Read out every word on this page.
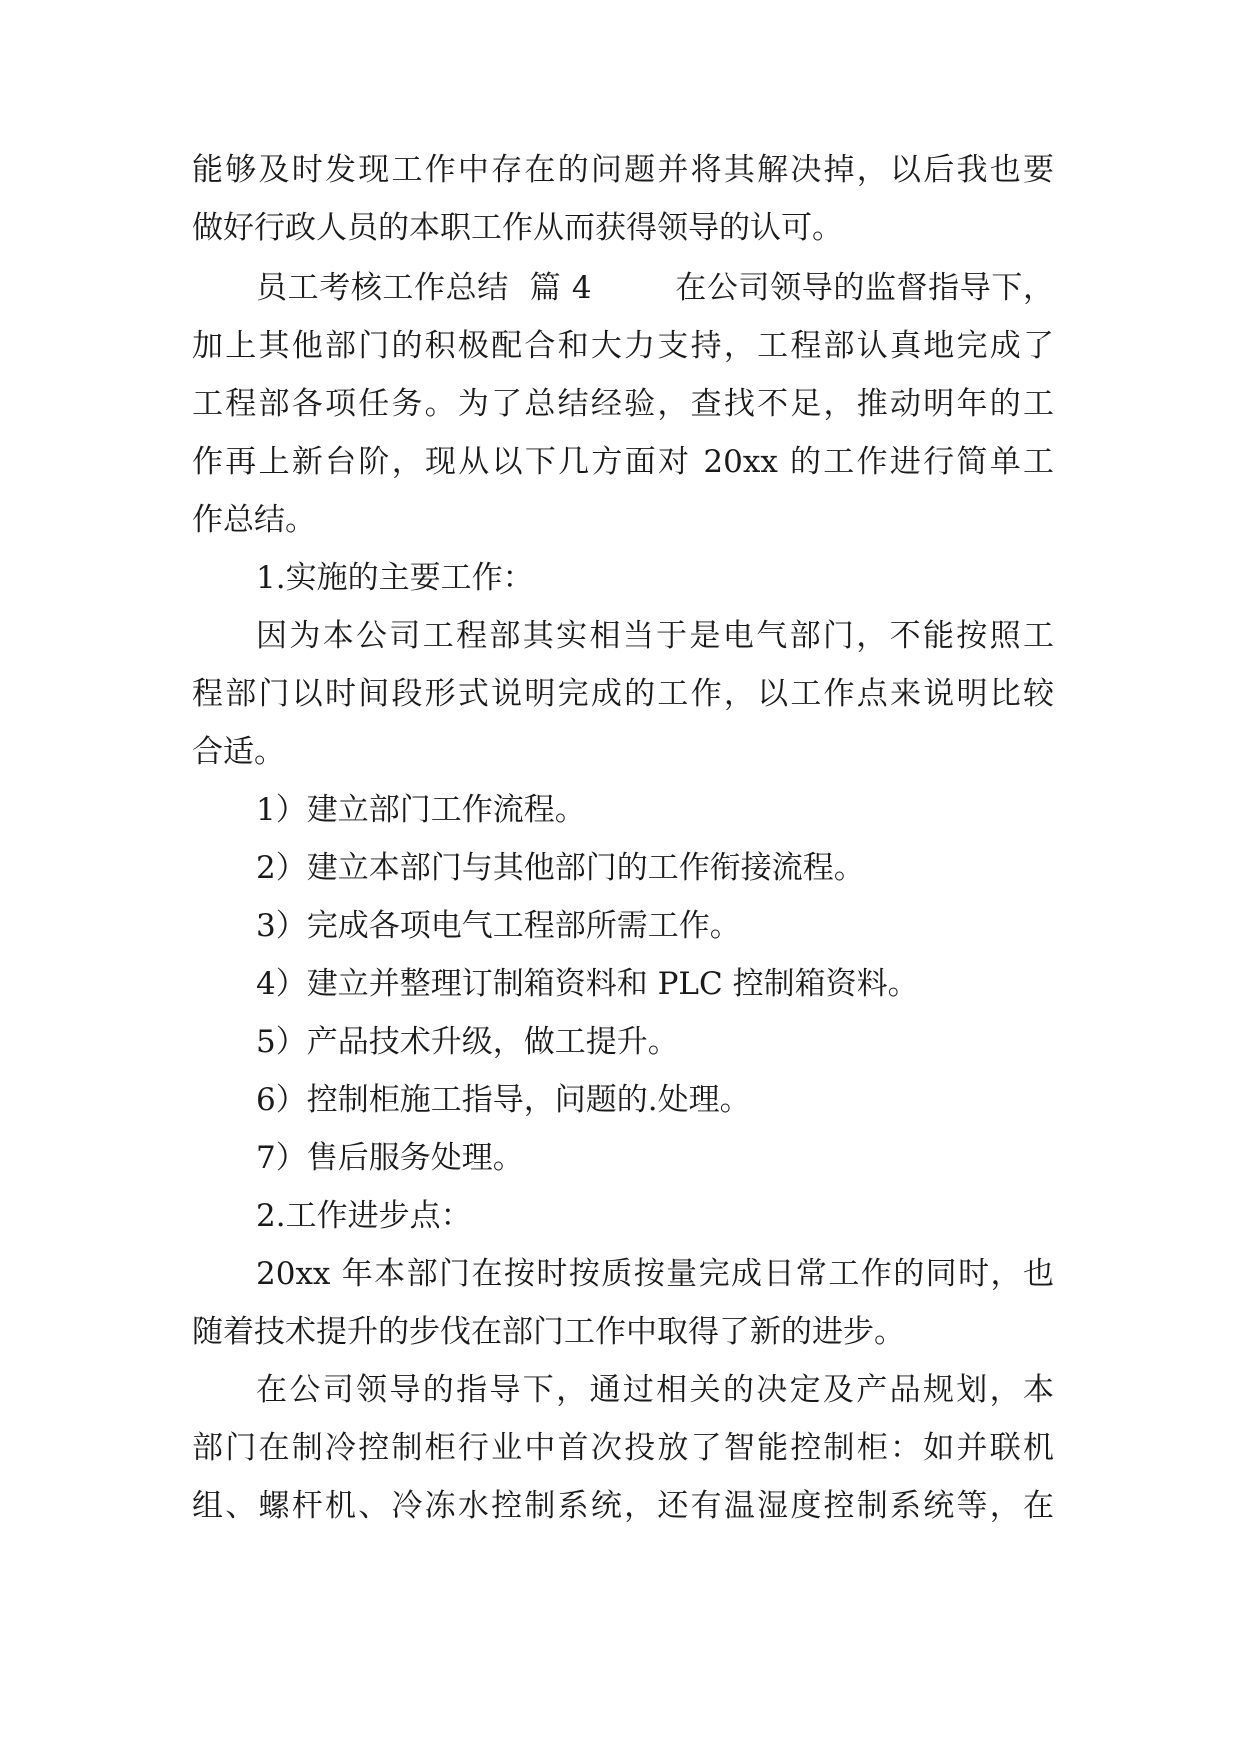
能够及时发现工作中存在的问题并将其解决掉，以后我也要
做好行政人员的本职工作从而获得领导的认可。
员工考核工作总结  篇 4        在公司领导的监督指导下，
加上其他部门的积极配合和大力支持，工程部认真地完成了
工程部各项任务。为了总结经验，查找不足，推动明年的工
作再上新台阶，现从以下几方面对 20xx 的工作进行简单工
作总结。
1.实施的主要工作：
因为本公司工程部其实相当于是电气部门，不能按照工
程部门以时间段形式说明完成的工作，以工作点来说明比较
合适。
1）建立部门工作流程。
2）建立本部门与其他部门的工作衔接流程。
3）完成各项电气工程部所需工作。
4）建立并整理订制箱资料和 PLC 控制箱资料。
5）产品技术升级，做工提升。
6）控制柜施工指导，问题的.处理。
7）售后服务处理。
2.工作进步点：
20xx 年本部门在按时按质按量完成日常工作的同时，也
随着技术提升的步伐在部门工作中取得了新的进步。
在公司领导的指导下，通过相关的决定及产品规划，本
部门在制冷控制柜行业中首次投放了智能控制柜：如并联机
组、螺杆机、冷冻水控制系统，还有温湿度控制系统等，在
